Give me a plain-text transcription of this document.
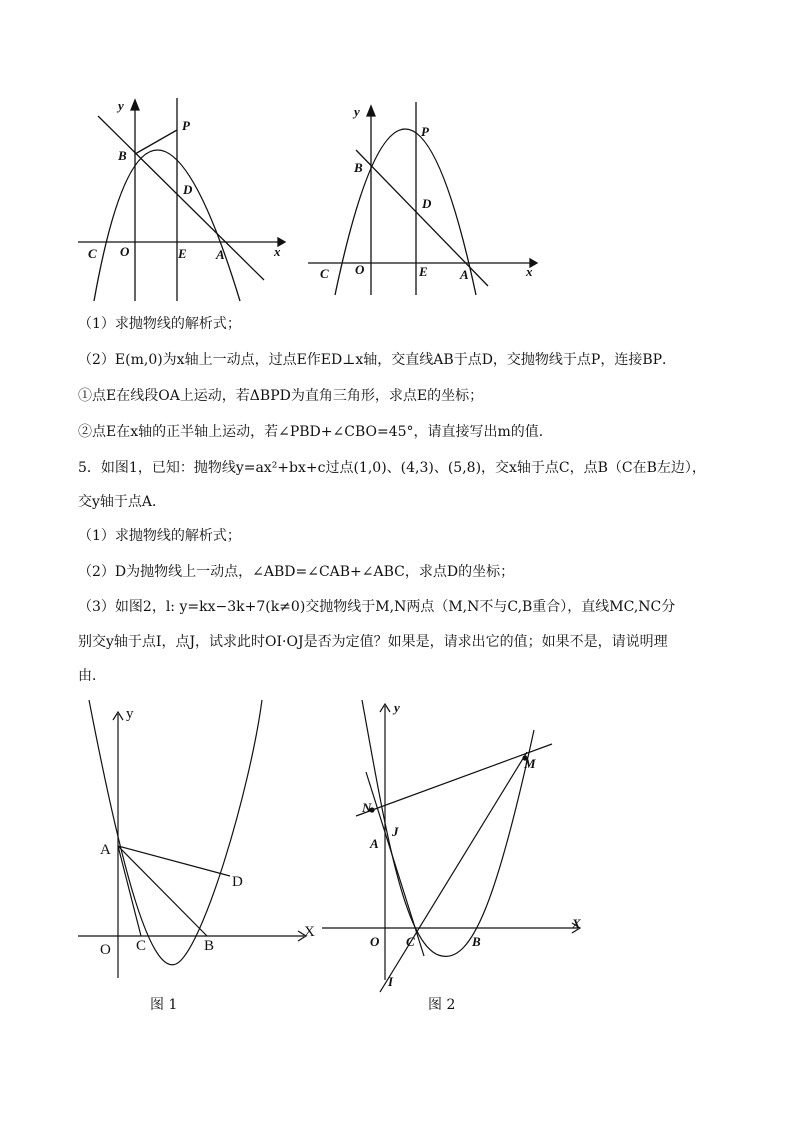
y
x
P
B
D
C O	E A
y
x
P
B
D
C O	E A
（1）求抛物线的解析式；
（2）E(m,0)为x轴上一动点，过点E作ED⊥x轴，交直线AB于点D，交抛物线于点P，连接BP．
①点E在线段OA上运动，若ΔBPD为直角三角形，求点E的坐标；
②点E在x轴的正半轴上运动，若∠PBD+∠CBO=45°，请直接写出m的值．
5．如图1，已知：抛物线y=ax²+bx+c过点(1,0)、(4,3)、(5,8)，交x轴于点C，点B（C在B左边），
交y轴于点A．
（1）求抛物线的解析式；
（2）D为抛物线上一动点，∠ABD=∠CAB+∠ABC，求点D的坐标；
（3）如图2，l: y=kx−3k+7(k≠0)交抛物线于M,N两点（M,N不与C,B重合），直线MC,NC分
别交y轴于点I，点J，试求此时OI·OJ是否为定值？如果是，请求出它的值；如果不是，请说明理
由．
y
X
A
D
O C	B
图 1
y
X
M
N
J
A
O C	B
I
图 2
